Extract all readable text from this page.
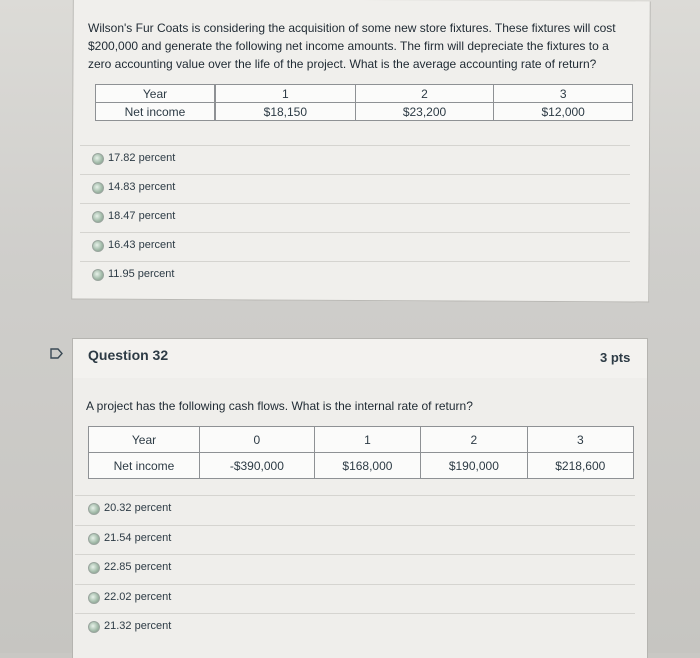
Wilson's Fur Coats is considering the acquisition of some new store fixtures. These fixtures will cost $200,000 and generate the following net income amounts. The firm will depreciate the fixtures to a zero accounting value over the life of the project. What is the average accounting rate of return?
Year	1	2	3
Net income	$18,150	$23,200	$12,000
17.82 percent
14.83 percent
18.47 percent
16.43 percent
11.95 percent
Question 32	3 pts
A project has the following cash flows. What is the internal rate of return?
Year	0	1	2	3
Net income	-$390,000	$168,000	$190,000	$218,600
20.32 percent
21.54 percent
22.85 percent
22.02 percent
21.32 percent
